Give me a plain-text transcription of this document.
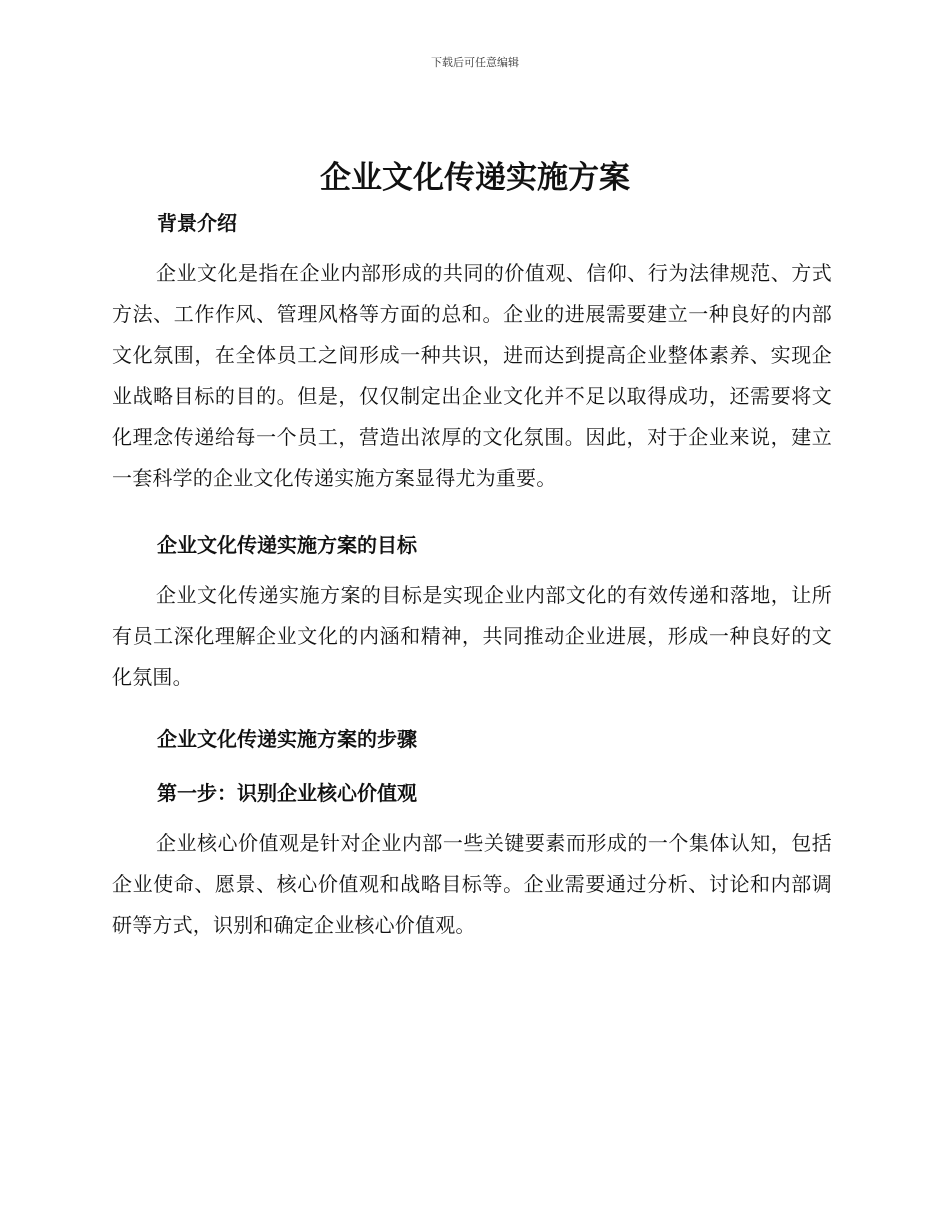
下载后可任意编辑
企业文化传递实施方案
背景介绍

企业文化是指在企业内部形成的共同的价值观、信仰、行为法律规范、方式方法、工作作风、管理风格等方面的总和。企业的进展需要建立一种良好的内部文化氛围，在全体员工之间形成一种共识，进而达到提高企业整体素养、实现企业战略目标的目的。但是，仅仅制定出企业文化并不足以取得成功，还需要将文化理念传递给每一个员工，营造出浓厚的文化氛围。因此，对于企业来说，建立一套科学的企业文化传递实施方案显得尤为重要。

企业文化传递实施方案的目标

企业文化传递实施方案的目标是实现企业内部文化的有效传递和落地，让所有员工深化理解企业文化的内涵和精神，共同推动企业进展，形成一种良好的文化氛围。

企业文化传递实施方案的步骤
第一步：识别企业核心价值观

企业核心价值观是针对企业内部一些关键要素而形成的一个集体认知，包括企业使命、愿景、核心价值观和战略目标等。企业需要通过分析、讨论和内部调研等方式，识别和确定企业核心价值观。
